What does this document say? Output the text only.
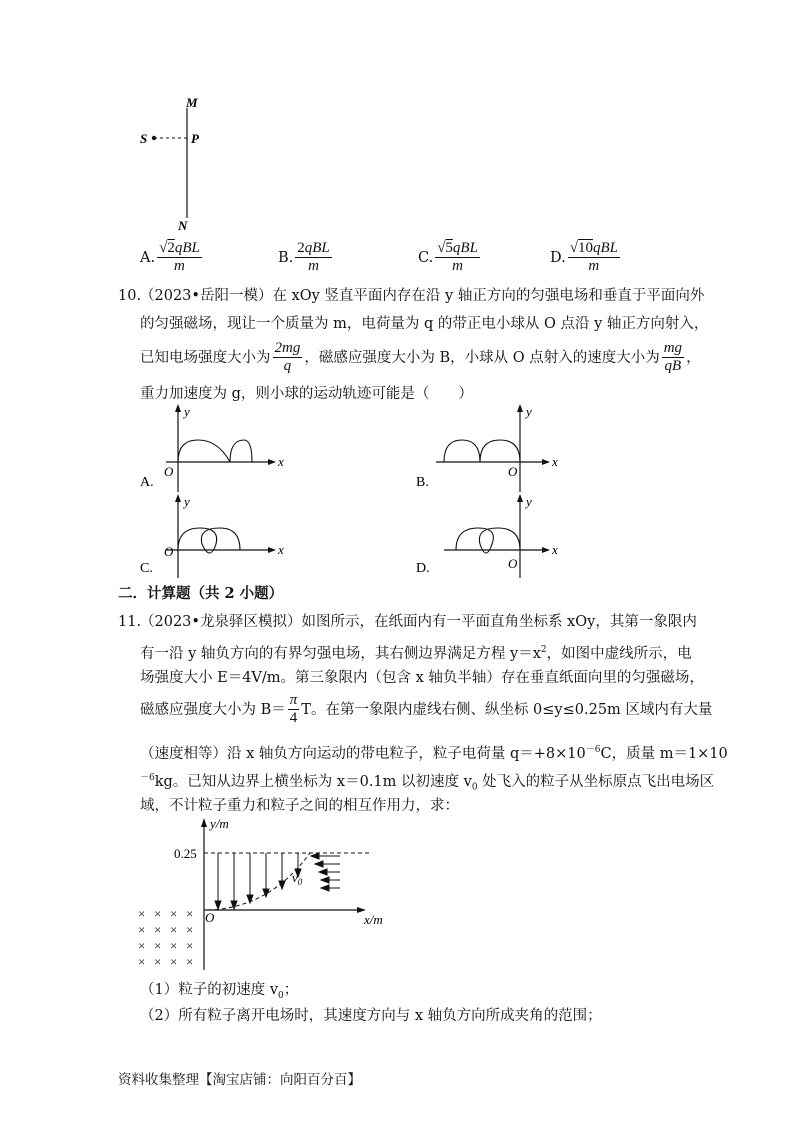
M
S	P
N
A. $\frac{\text{√2qBL}}{m}$	B. $\frac{\text{2qBL}}{m}$	C. $\frac{\text{√5qBL}}{m}$	D. $\frac{\text{√10qBL}}{m}$
10.
（2023•岳阳一模）在 xOy 竖直平面内存在沿 y 轴正方向的匀强电场和垂直于平面向外
的匀强磁场，现让一个质量为 m，电荷量为 q 的带正电小球从 O 点沿 y 轴正方向射入，
已知电场强度大小为 $\frac{2mg}{q}$ ，磁感应强度大小为 B，小球从 O 点射入的速度大小为 $\frac{mg}{qB}$ ，
重力加速度为 g，则小球的运动轨迹可能是（　　）
y
x
O
A.
y
x
O
B.
y
x
O
C.
y
x
O
D.
二．计算题（共 2 小题）
11.
（2023•龙泉驿区模拟）如图所示，在纸面内有一平面直角坐标系 xOy，其第一象限内
有一沿 y 轴负方向的有界匀强电场，其右侧边界满足方程 $y=x^2$，如图中虚线所示，电
场强度大小 E＝4V/m。第三象限内（包含 x 轴负半轴）存在垂直纸面向里的匀强磁场，
磁感应强度大小为 $B= \frac{\pi}{4}$ T。在第一象限内虚线右侧、纵坐标 0≤y≤0.25m 区域内有大量
（速度相等）沿 x 轴负方向运动的带电粒子，粒子电荷量 $q=+8\times 10^{-6}C$，质量 m＝1×10
$^{-6}$kg。已知从边界上横坐标为 x＝0.1m 以初速度 $v_0$ 处飞入的粒子从坐标原点飞出电场区
域，不计粒子重力和粒子之间的相互作用力，求：
y/m
x/m
O
0.25
$v_0$
× × × ×
× × × ×
× × × ×
× × × ×
（1）粒子的初速度 $v_0$；
（2）所有粒子离开电场时，其速度方向与 x 轴负方向所成夹角的范围；
资料收集整理【淘宝店铺：向阳百分百】
